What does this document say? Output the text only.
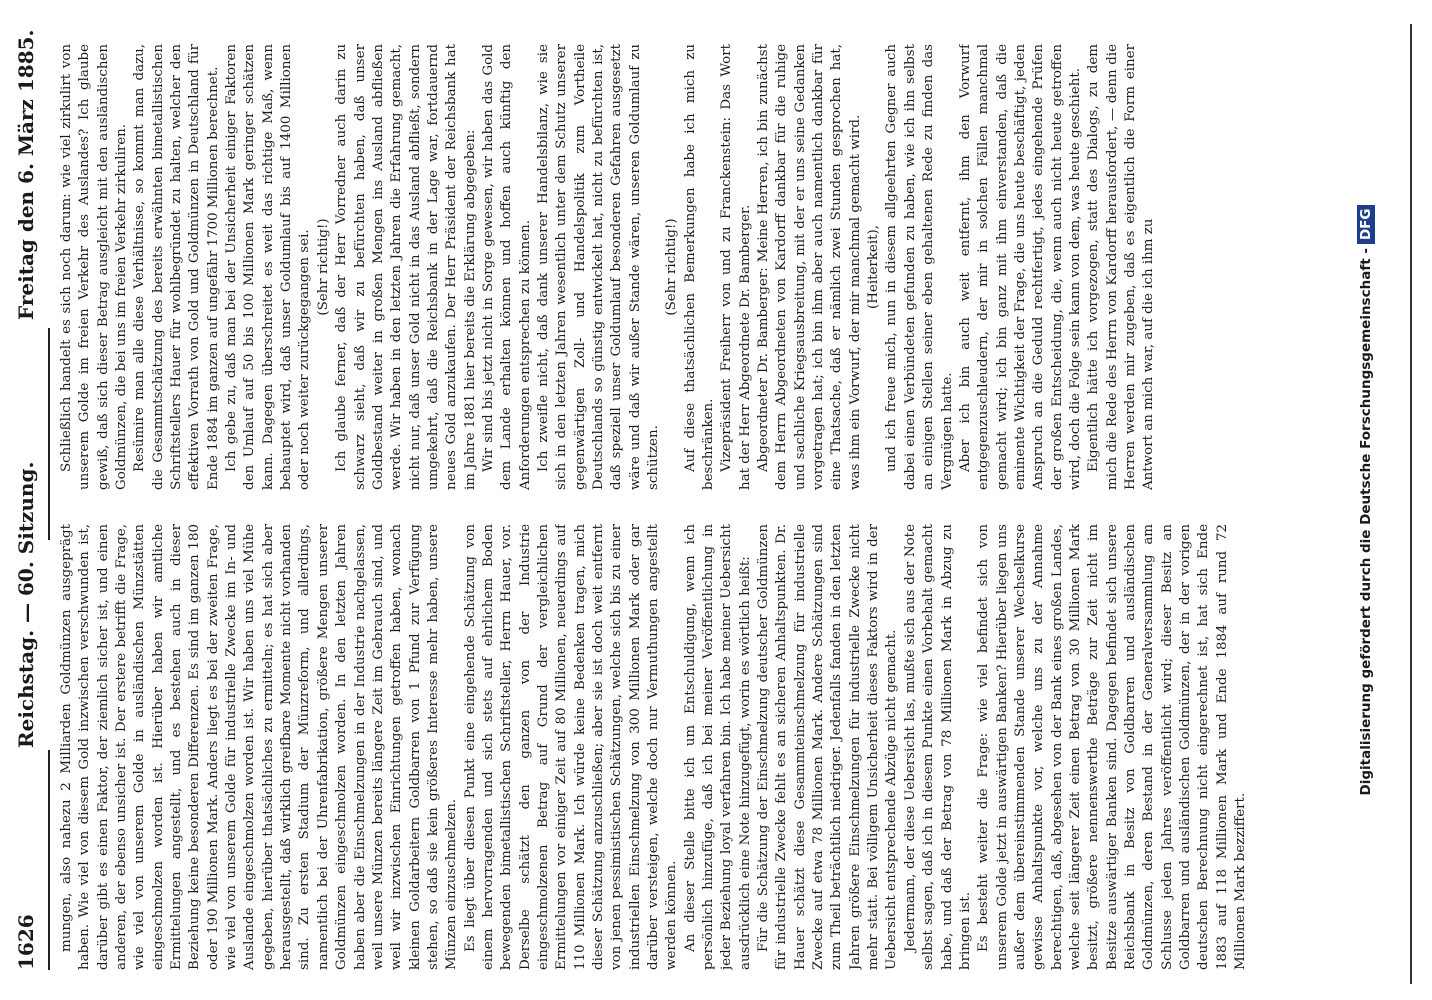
1626
Reichstag. — 60. Sitzung.
Freitag den 6. März 1885.

mungen, also nahezu 2 Milliarden Goldmünzen ausgeprägt haben. Wie viel von diesem Gold inzwischen verschwunden ist, darüber gibt es einen Faktor, der ziemlich sicher ist, und einen anderen, der ebenso unsicher ist. Der erstere betrifft die Frage, wie viel von unserem Golde in ausländischen Münzstätten eingeschmolzen worden ist. Hierüber haben wir amtliche Ermittelungen angestellt, und es bestehen auch in dieser Beziehung keine besonderen Differenzen. Es sind im ganzen 180 oder 190 Millionen Mark. Anders liegt es bei der zweiten Frage, wie viel von unserem Golde für industrielle Zwecke im In- und Auslande eingeschmolzen worden ist. Wir haben uns viel Mühe gegeben, hierüber thatsächliches zu ermitteln; es hat sich aber herausgestellt, daß wirklich greifbare Momente nicht vorhanden sind. Zu ersten Stadium der Münzreform, und allerdings, namentlich bei der Uhrenfabrikation, größere Mengen unserer Goldmünzen eingeschmolzen worden. In den letzten Jahren haben aber die Einschmelzungen in der Industrie nachgelassen, weil unsere Münzen bereits längere Zeit im Gebrauch sind, und weil wir inzwischen Einrichtungen getroffen haben, wonach kleinen Goldarbeitern Goldbarren von 1 Pfund zur Verfügung stehen, so daß sie kein größeres Interesse mehr haben, unsere Münzen einzuschmelzen. Es liegt über diesen Punkt eine eingehende Schätzung von einem hervorragenden und sich stets auf ehrlichem Boden bewegenden bimetallistischen Schriftsteller, Herrn Hauer, vor. Derselbe schätzt den ganzen von der Industrie eingeschmolzenen Betrag auf Grund der vergleichlichen Ermittelungen vor einiger Zeit auf 80 Millionen, neuerdings auf 110 Millionen Mark. Ich würde keine Bedenken tragen, mich dieser Schätzung anzuschließen; aber sie ist doch weit entfernt von jenen pessimistischen Schätzungen, welche sich bis zu einer industriellen Einschmelzung von 300 Millionen Mark oder gar darüber versteigen, welche doch nur Vermuthungen angestellt werden können. An dieser Stelle bitte ich um Entschuldigung, wenn ich persönlich hinzufüge, daß ich bei meiner Veröffentlichung in jeder Beziehung loyal verfahren bin. Ich habe meiner Uebersicht ausdrücklich eine Note hinzugefügt, worin es wörtlich heißt: Für die Schätzung der Einschmelzung deutscher Goldmünzen für industrielle Zwecke fehlt es an sicheren Anhaltspunkten. Dr. Hauer schätzt diese Gesammteinschmelzung für industrielle Zwecke auf etwa 78 Millionen Mark. Andere Schätzungen sind zum Theil beträchtlich niedriger. Jedenfalls fanden in den letzten Jahren größere Einschmelzungen für industrielle Zwecke nicht mehr statt. Bei völligem Unsicherheit dieses Faktors wird in der Uebersicht entsprechende Abzüge nicht gemacht. Jedermann, der diese Uebersicht las, mußte sich aus der Note selbst sagen, daß ich in diesem Punkte einen Vorbehalt gemacht habe, und daß der Betrag von 78 Millionen Mark in Abzug zu bringen ist. Es besteht weiter die Frage: wie viel befindet sich von unserem Golde jetzt in auswärtigen Banken? Hierüber liegen uns außer dem übereinstimmenden Stande unserer Wechselkurse gewisse Anhaltspunkte vor, welche uns zu der Annahme berechtigen, daß, abgesehen von der Bank eines großen Landes, welche seit längerer Zeit einen Betrag von 30 Millionen Mark besitzt, größere nennenswerthe Beträge zur Zeit nicht im Besitze auswärtiger Banken sind. Dagegen befindet sich unsere Reichsbank in Besitz von Goldbarren und ausländischen Goldmünzen, deren Bestand in der Generalversammlung am Schlusse jeden Jahres veröffentlicht wird; dieser Besitz an Goldbarren und ausländischen Goldmünzen, der in der vorigen deutschen Berechnung nicht eingerechnet ist, hat sich Ende 1883 auf 118 Millionen Mark und Ende 1884 auf rund 72 Millionen Mark bezziffert.

Schließlich handelt es sich noch darum: wie viel zirkulirt von unserem Golde im freien Verkehr des Auslandes? Ich glaube gewiß, daß sich dieser Betrag ausgleicht mit den ausländischen Goldmünzen, die bei uns im freien Verkehr zirkuliren. Resümire man alle diese Verhältnisse, so kommt man dazu, die Gesammtschätzung des bereits erwähnten bimetallistischen Schriftstellers Hauer für wohlbegründet zu halten, welcher den effektiven Vorrath von Gold und Goldmünzen in Deutschland für Ende 1884 im ganzen auf ungefähr 1700 Millionen berechnet. Ich gebe zu, daß man bei der Unsicherheit einiger Faktoren den Umlauf auf 50 bis 100 Millionen Mark geringer schätzen kann. Dagegen überschreitet es weit das richtige Maß, wenn behauptet wird, daß unser Goldumlauf bis auf 1400 Millionen oder noch weiter zurückgegangen sei. (Sehr richtig!) Ich glaube ferner, daß der Herr Vorredner auch darin zu schwarz sieht, daß wir zu befürchten haben, daß unser Goldbestand weiter in großen Mengen ins Ausland abfließen werde. Wir haben in den letzten Jahren die Erfahrung gemacht, nicht nur, daß unser Gold nicht in das Ausland abfließt, sondern umgekehrt, daß die Reichsbank in der Lage war, fortdauernd neues Gold anzukaufen. Der Herr Präsident der Reichsbank hat im Jahre 1881 hier bereits die Erklärung abgegeben: Wir sind bis jetzt nicht in Sorge gewesen, wir haben das Gold dem Lande erhalten können und hoffen auch künftig den Anforderungen entsprechen zu können. Ich zweifle nicht, daß dank unserer Handelsbilanz, wie sie sich in den letzten Jahren wesentlich unter dem Schutz unserer gegenwärtigen Zoll- und Handelspolitik zum Vortheile Deutschlands so günstig entwickelt hat, nicht zu befürchten ist, daß speziell unser Goldumlauf besonderen Gefahren ausgesetzt wäre und daß wir außer Stande wären, unseren Goldumlauf zu schützen.

(Sehr richtig!) Auf diese thatsächlichen Bemerkungen habe ich mich zu beschränken. Vizepräsident Freiherr von und zu Franckenstein: Das Wort hat der Herr Abgeordnete Dr. Bamberger. Abgeordneter Dr. Bamberger: Meine Herren, ich bin zunächst dem Herrn Abgeordneten von Kardorff dankbar für die ruhige und sachliche Kriegsausbreitung, mit der er uns seine Gedanken vorgetragen hat; ich bin ihm aber auch namentlich dankbar für eine Thatsache, daß er nämlich zwei Stunden gesprochen hat, was ihm ein Vorwurf, der mir manchmal gemacht wird. (Heiterkeit), und ich freue mich, nun in diesem allgeehrten Gegner auch dabei einen Verbündeten gefunden zu haben, wie ich ihn selbst an einigen Stellen seiner eben gehaltenen Rede zu finden das Vergnügen hatte. Aber ich bin auch weit entfernt, ihm den Vorwurf entgegenzuschleudern, der mir in solchen Fällen manchmal gemacht wird; ich bin ganz mit ihm einverstanden, daß die eminente Wichtigkeit der Frage, die uns heute beschäftigt, jeden Anspruch an die Geduld rechtfertigt, jedes eingehende Prüfen der großen Entscheidung, die, wenn auch nicht heute getroffen wird, doch die Folge sein kann von dem, was heute geschieht. Eigentlich hätte ich vorgezogen, statt des Dialogs, zu dem mich die Rede des Herrn von Kardorff herausfordert, — denn die Herren werden mir zugeben, daß es eigentlich die Form einer Antwort an mich war, auf die ich ihm zu	Digitalisierung gefördert durch die Deutsche Forschungsgemeinschaft -DFG
